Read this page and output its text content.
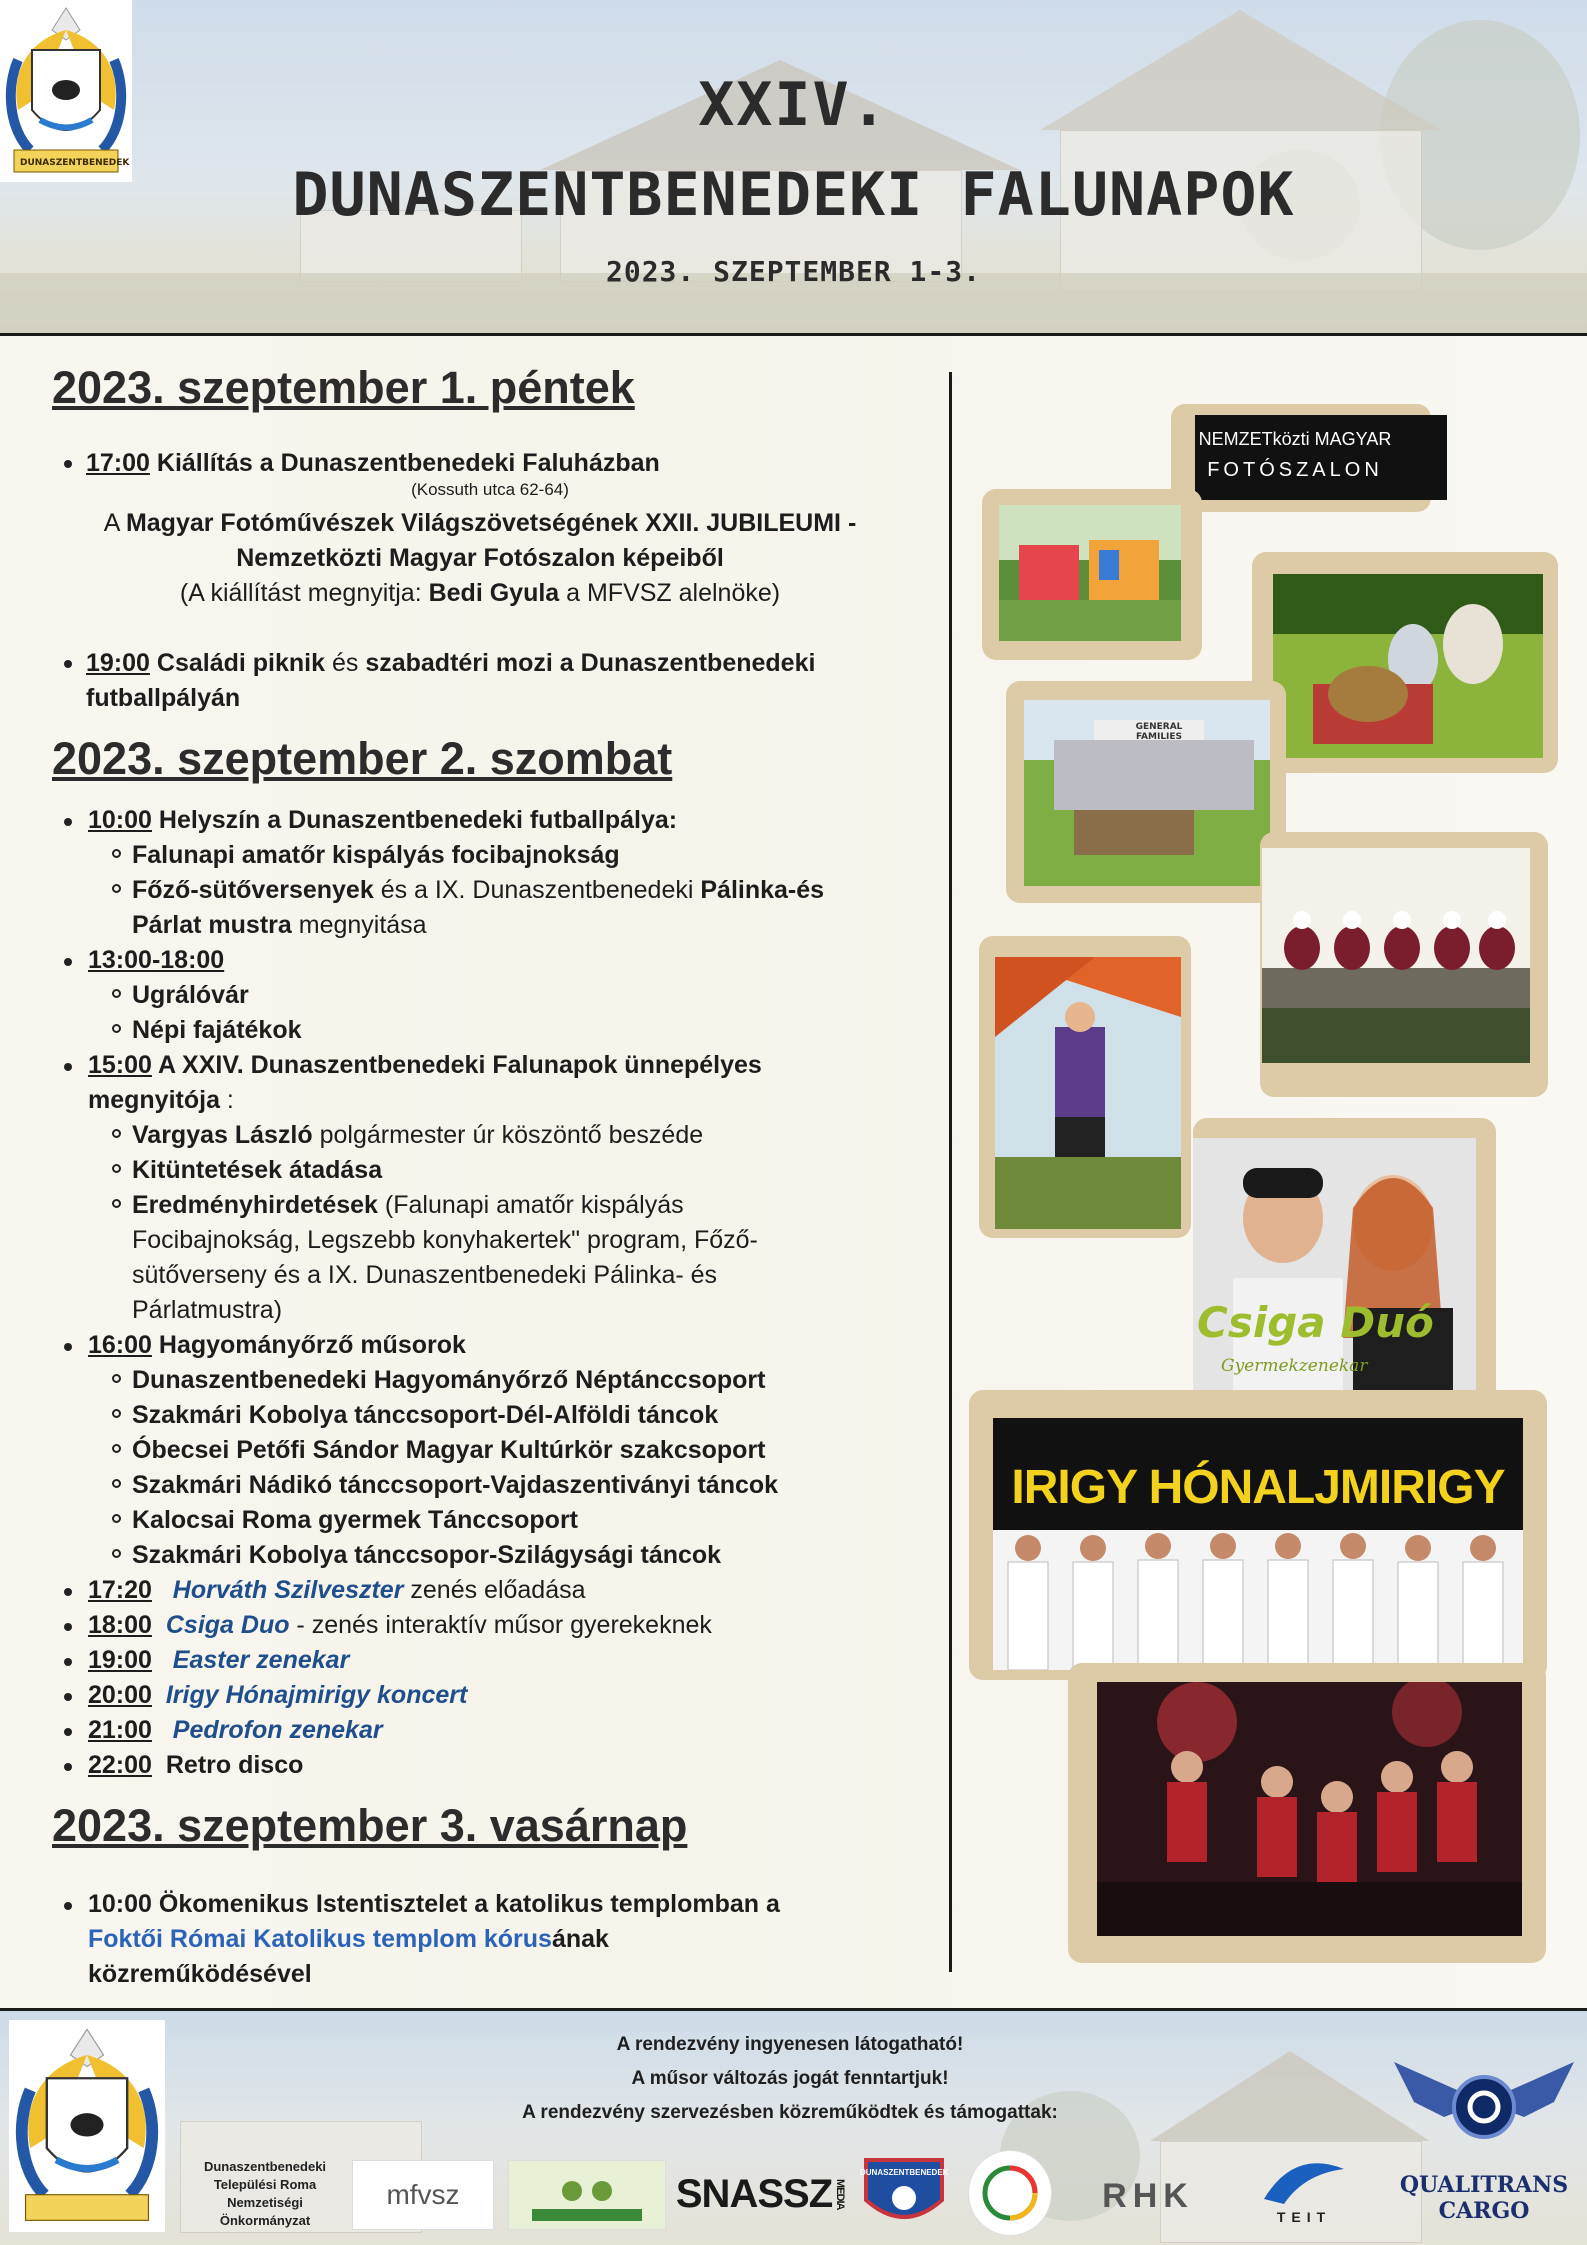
DUNASZENTBENEDEK
XXIV.
DUNASZENTBENEDEKI FALUNAPOK
2023. SZEPTEMBER 1-3.
2023. szeptember 1. péntek
17:00 Kiállítás a Dunaszentbenedeki Faluházban
(Kossuth utca 62-64)
A Magyar Fotóművészek Világszövetségének XXII. JUBILEUMI -
Nemzetközti Magyar Fotószalon képeiből
(A kiállítást megnyitja: Bedi Gyula a MFVSZ alelnöke)
19:00 Családi piknik és szabadtéri mozi a Dunaszentbenedeki
futballpályán
2023. szeptember 2. szombat
10:00 Helyszín a Dunaszentbenedeki futballpálya:
Falunapi amatőr kispályás focibajnokság
Főző-sütőversenyek és a IX. Dunaszentbenedeki Pálinka-és
Párlat mustra megnyitása
13:00-18:00
Ugrálóvár
Népi fajátékok
15:00 A XXIV. Dunaszentbenedeki Falunapok ünnepélyes
megnyitója :
Vargyas László polgármester úr köszöntő beszéde
Kitüntetések átadása
Eredményhirdetések (Falunapi amatőr kispályás
Focibajnokság, Legszebb konyhakertek" program, Főző-
sütőverseny és a IX. Dunaszentbenedeki Pálinka- és
Párlatmustra)
16:00 Hagyományőrző műsorok
Dunaszentbenedeki Hagyományőrző Néptánccsoport
Szakmári Kobolya tánccsoport-Dél-Alföldi táncok
Óbecsei Petőfi Sándor Magyar Kultúrkör szakcsoport
Szakmári Nádikó tánccsoport-Vajdaszentiványi táncok
Kalocsai Roma gyermek Tánccsoport
Szakmári Kobolya tánccsopor-Szilágysági táncok
17:20 Horváth Szilveszter zenés előadása
18:00 Csiga Duo - zenés interaktív műsor gyerekeknek
19:00 Easter zenekar
20:00 Irigy Hónajmirigy koncert
21:00 Pedrofon zenekar
22:00 Retro disco
2023. szeptember 3. vasárnap
10:00 Ökomenikus Istentisztelet a katolikus templomban a
Foktői Római Katolikus templom kórusának
közreműködésével
NEMZETközti MAGYAR
FOTÓSZALON
GENERAL FAMILIES
Csiga Duó
Gyermekzenekar
IRIGY HÓNALJMIRIGY
A rendezvény ingyenesen látogatható!
A műsor változás jogát fenntartjuk!
A rendezvény szervezésben közreműködtek és támogattak:
Dunaszentbenedeki
Települési Roma
Nemzetiségi
Önkormányzat
mfvsz	SNASSZ MEDIA
DUNASZENTBENEDEK
RHK
TEIT
QUALITRANS
CARGO
